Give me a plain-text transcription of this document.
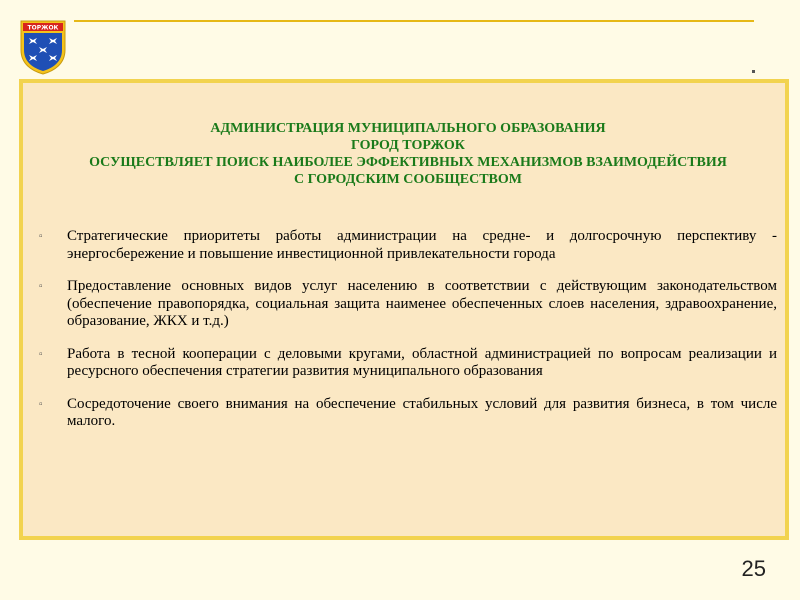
ТОРЖОК
АДМИНИСТРАЦИЯ МУНИЦИПАЛЬНОГО ОБРАЗОВАНИЯ
ГОРОД ТОРЖОК
ОСУЩЕСТВЛЯЕТ ПОИСК НАИБОЛЕЕ ЭФФЕКТИВНЫХ МЕХАНИЗМОВ ВЗАИМОДЕЙСТВИЯ
С ГОРОДСКИМ СООБЩЕСТВОМ
▫	Стратегические приоритеты работы администрации на средне- и долгосрочную перспективу - энергосбережение и повышение инвестиционной привлекательности города
▫	Предоставление основных видов услуг населению в соответствии с действующим законодательством (обеспечение правопорядка, социальная защита наименее обеспеченных слоев населения, здравоохранение, образование, ЖКХ и т.д.)
▫	Работа в тесной кооперации с деловыми кругами, областной администрацией по вопросам реализации и ресурсного обеспечения стратегии развития муниципального образования
▫	Сосредоточение своего внимания на обеспечение стабильных условий для развития бизнеса, в том числе малого.
25
